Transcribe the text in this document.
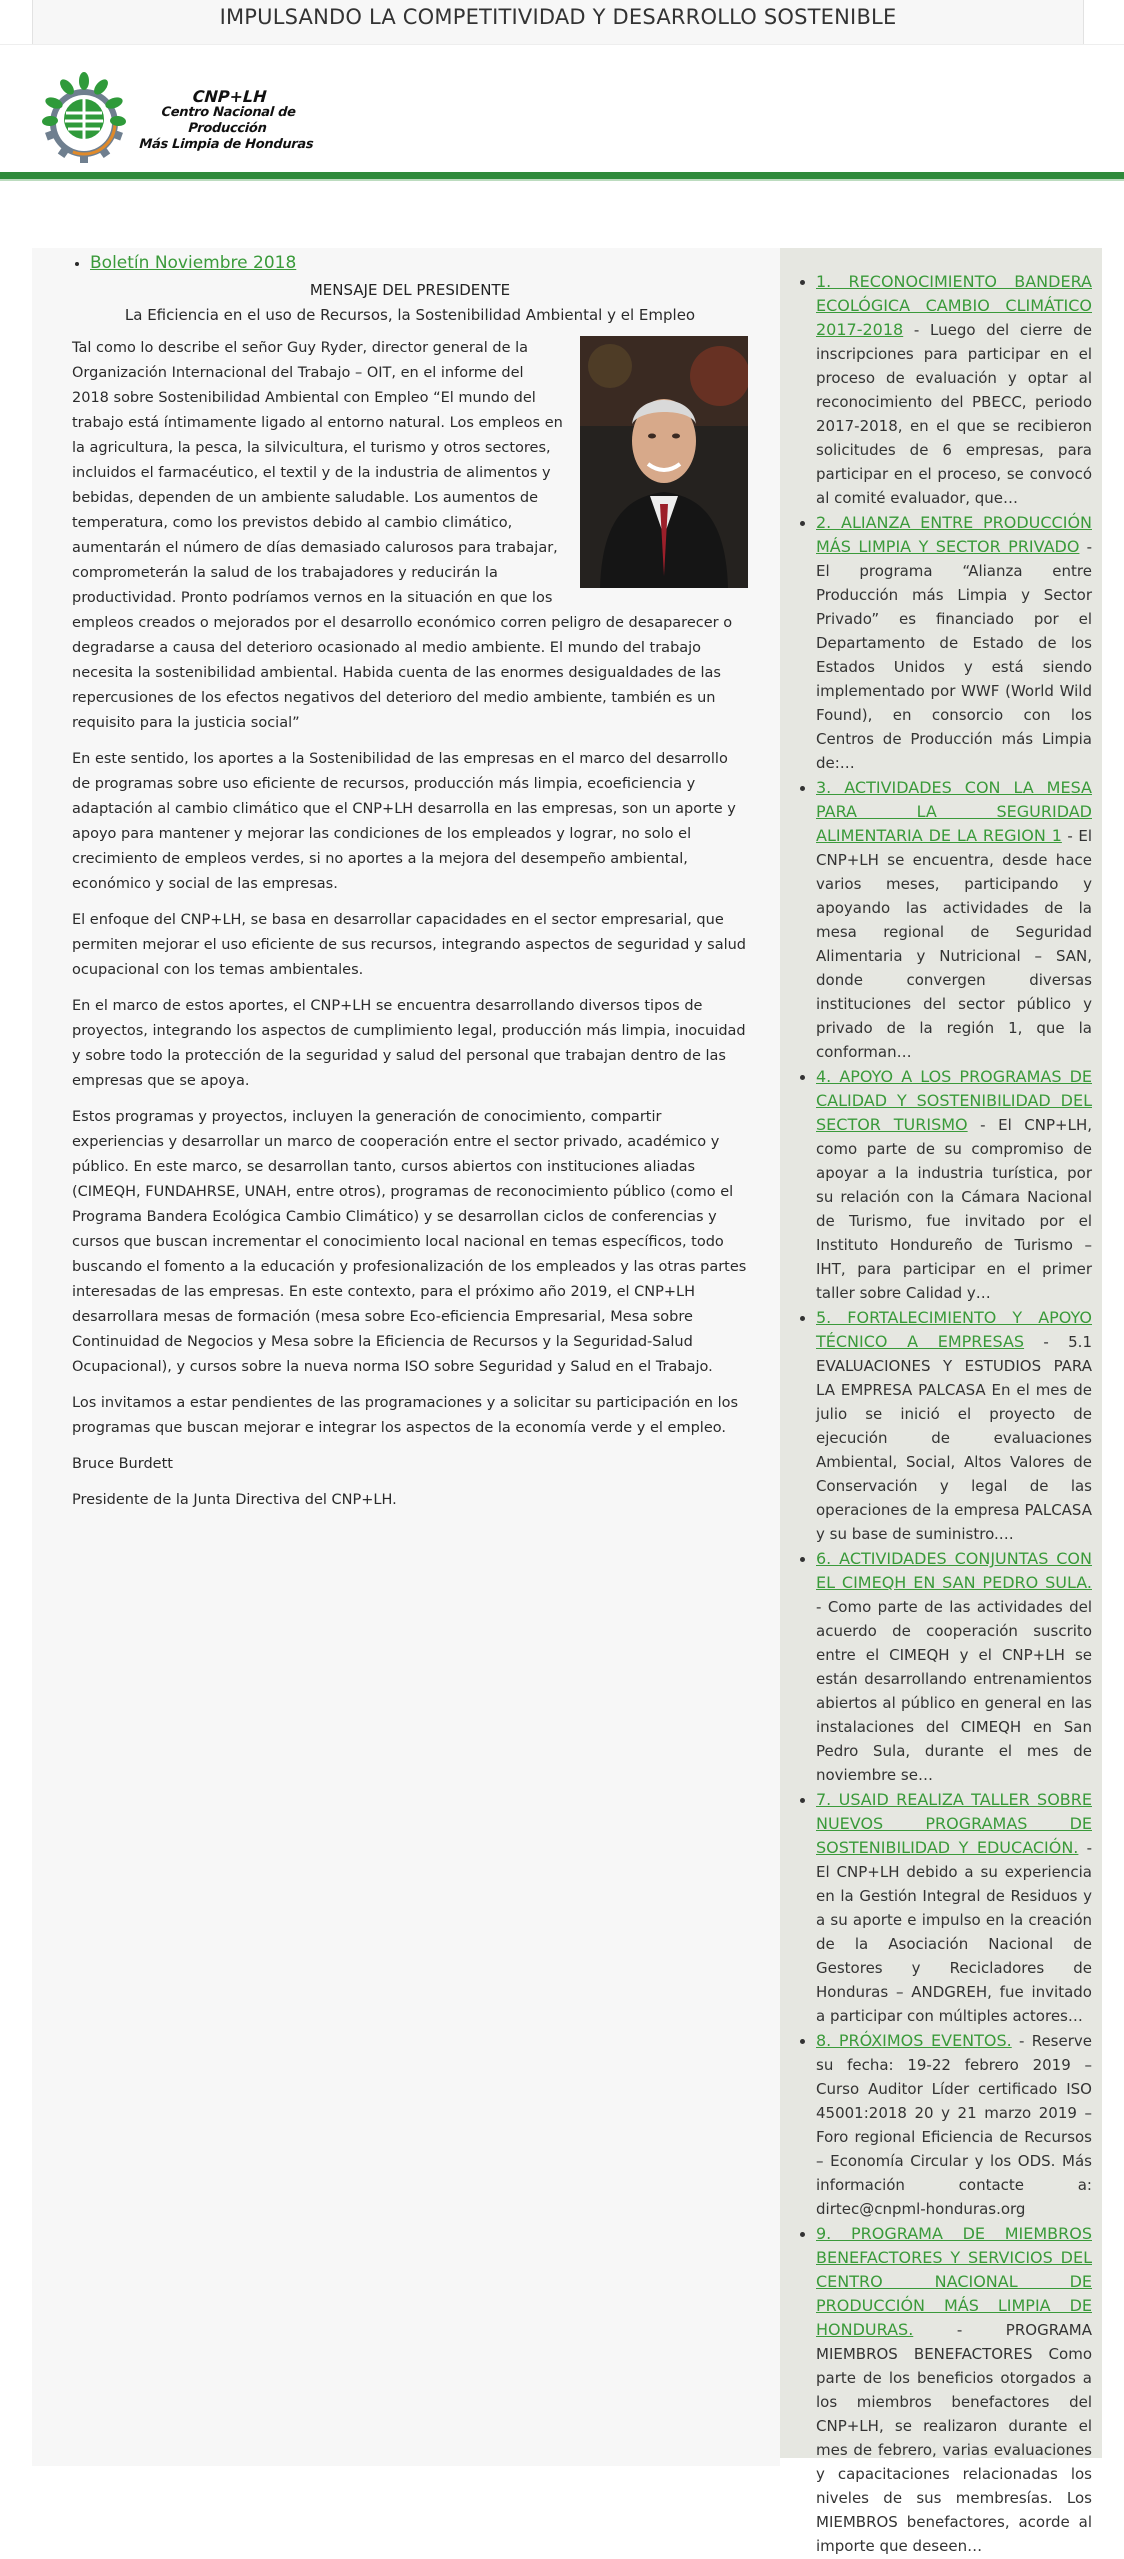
IMPULSANDO LA COMPETITIVIDAD Y DESARROLLO SOSTENIBLE
CNP+LH
Centro Nacional de Producción
Más Limpia de Honduras
• Boletín Noviembre 2018
MENSAJE DEL PRESIDENTE
La Eficiencia en el uso de Recursos, la Sostenibilidad Ambiental y el Empleo

Tal como lo describe el señor Guy Ryder, director general de la Organización Internacional del Trabajo – OIT, en el informe del 2018 sobre Sostenibilidad Ambiental con Empleo “El mundo del trabajo está íntimamente ligado al entorno natural. Los empleos en la agricultura, la pesca, la silvicultura, el turismo y otros sectores, incluidos el farmacéutico, el textil y de la industria de alimentos y bebidas, dependen de un ambiente saludable. Los aumentos de temperatura, como los previstos debido al cambio climático, aumentarán el número de días demasiado calurosos para trabajar, comprometerán la salud de los trabajadores y reducirán la productividad. Pronto podríamos vernos en la situación en que los empleos creados o mejorados por el desarrollo económico corren peligro de desaparecer o degradarse a causa del deterioro ocasionado al medio ambiente. El mundo del trabajo necesita la sostenibilidad ambiental. Habida cuenta de las enormes desigualdades de las repercusiones de los efectos negativos del deterioro del medio ambiente, también es un requisito para la justicia social”

En este sentido, los aportes a la Sostenibilidad de las empresas en el marco del desarrollo de programas sobre uso eficiente de recursos, producción más limpia, ecoeficiencia y adaptación al cambio climático que el CNP+LH desarrolla en las empresas, son un aporte y apoyo para mantener y mejorar las condiciones de los empleados y lograr, no solo el crecimiento de empleos verdes, si no aportes a la mejora del desempeño ambiental, económico y social de las empresas.

El enfoque del CNP+LH, se basa en desarrollar capacidades en el sector empresarial, que permiten mejorar el uso eficiente de sus recursos, integrando aspectos de seguridad y salud ocupacional con los temas ambientales.

En el marco de estos aportes, el CNP+LH se encuentra desarrollando diversos tipos de proyectos, integrando los aspectos de cumplimiento legal, producción más limpia, inocuidad y sobre todo la protección de la seguridad y salud del personal que trabajan dentro de las empresas que se apoya.

Estos programas y proyectos, incluyen la generación de conocimiento, compartir experiencias y desarrollar un marco de cooperación entre el sector privado, académico y público. En este marco, se desarrollan tanto, cursos abiertos con instituciones aliadas (CIMEQH, FUNDAHRSE, UNAH, entre otros), programas de reconocimiento público (como el Programa Bandera Ecológica Cambio Climático) y se desarrollan ciclos de conferencias y cursos que buscan incrementar el conocimiento local nacional en temas específicos, todo buscando el fomento a la educación y profesionalización de los empleados y las otras partes interesadas de las empresas. En este contexto, para el próximo año 2019, el CNP+LH desarrollara mesas de formación (mesa sobre Eco-eficiencia Empresarial, Mesa sobre Continuidad de Negocios y Mesa sobre la Eficiencia de Recursos y la Seguridad-Salud Ocupacional), y cursos sobre la nueva norma ISO sobre Seguridad y Salud en el Trabajo.

Los invitamos a estar pendientes de las programaciones y a solicitar su participación en los programas que buscan mejorar e integrar los aspectos de la economía verde y el empleo.

Bruce Burdett

Presidente de la Junta Directiva del CNP+LH.

• 1. RECONOCIMIENTO BANDERA ECOLÓGICA CAMBIO CLIMÁTICO 2017-2018 - Luego del cierre de inscripciones para participar en el proceso de evaluación y optar al reconocimiento del PBECC, periodo 2017-2018, en el que se recibieron solicitudes de 6 empresas, para participar en el proceso, se convocó al comité evaluador, que…
• 2. ALIANZA ENTRE PRODUCCIÓN MÁS LIMPIA Y SECTOR PRIVADO - El programa “Alianza entre Producción más Limpia y Sector Privado” es financiado por el Departamento de Estado de los Estados Unidos y está siendo implementado por WWF (World Wild Found), en consorcio con los Centros de Producción más Limpia de:…
• 3. ACTIVIDADES CON LA MESA PARA LA SEGURIDAD ALIMENTARIA DE LA REGION 1 - El CNP+LH se encuentra, desde hace varios meses, participando y apoyando las actividades de la mesa regional de Seguridad Alimentaria y Nutricional – SAN, donde convergen diversas instituciones del sector público y privado de la región 1, que la conforman…
• 4. APOYO A LOS PROGRAMAS DE CALIDAD Y SOSTENIBILIDAD DEL SECTOR TURISMO - El CNP+LH, como parte de su compromiso de apoyar a la industria turística, por su relación con la Cámara Nacional de Turismo, fue invitado por el Instituto Hondureño de Turismo –IHT, para participar en el primer taller sobre Calidad y…
• 5. FORTALECIMIENTO Y APOYO TÉCNICO A EMPRESAS - 5.1 EVALUACIONES Y ESTUDIOS PARA LA EMPRESA PALCASA En el mes de julio se inició el proyecto de ejecución de evaluaciones Ambiental, Social, Altos Valores de Conservación y legal de las operaciones de la empresa PALCASA y su base de suministro.…
• 6. ACTIVIDADES CONJUNTAS CON EL CIMEQH EN SAN PEDRO SULA. - Como parte de las actividades del acuerdo de cooperación suscrito entre el CIMEQH y el CNP+LH se están desarrollando entrenamientos abiertos al público en general en las instalaciones del CIMEQH en San Pedro Sula, durante el mes de noviembre se…
• 7. USAID REALIZA TALLER SOBRE NUEVOS PROGRAMAS DE SOSTENIBILIDAD Y EDUCACIÓN. - El CNP+LH debido a su experiencia en la Gestión Integral de Residuos y a su aporte e impulso en la creación de la Asociación Nacional de Gestores y Recicladores de Honduras – ANDGREH, fue invitado a participar con múltiples actores…
• 8. PRÓXIMOS EVENTOS. - Reserve su fecha: 19-22 febrero 2019 – Curso Auditor Líder certificado ISO 45001:2018 20 y 21 marzo 2019 – Foro regional Eficiencia de Recursos – Economía Circular y los ODS. Más información contacte a: dirtec@cnpml-honduras.org
• 9. PROGRAMA DE MIEMBROS BENEFACTORES Y SERVICIOS DEL CENTRO NACIONAL DE PRODUCCIÓN MÁS LIMPIA DE HONDURAS. - PROGRAMA MIEMBROS BENEFACTORES Como parte de los beneficios otorgados a los miembros benefactores del CNP+LH, se realizaron durante el mes de febrero, varias evaluaciones y capacitaciones relacionadas los niveles de sus membresías. Los MIEMBROS benefactores, acorde al importe que deseen…
